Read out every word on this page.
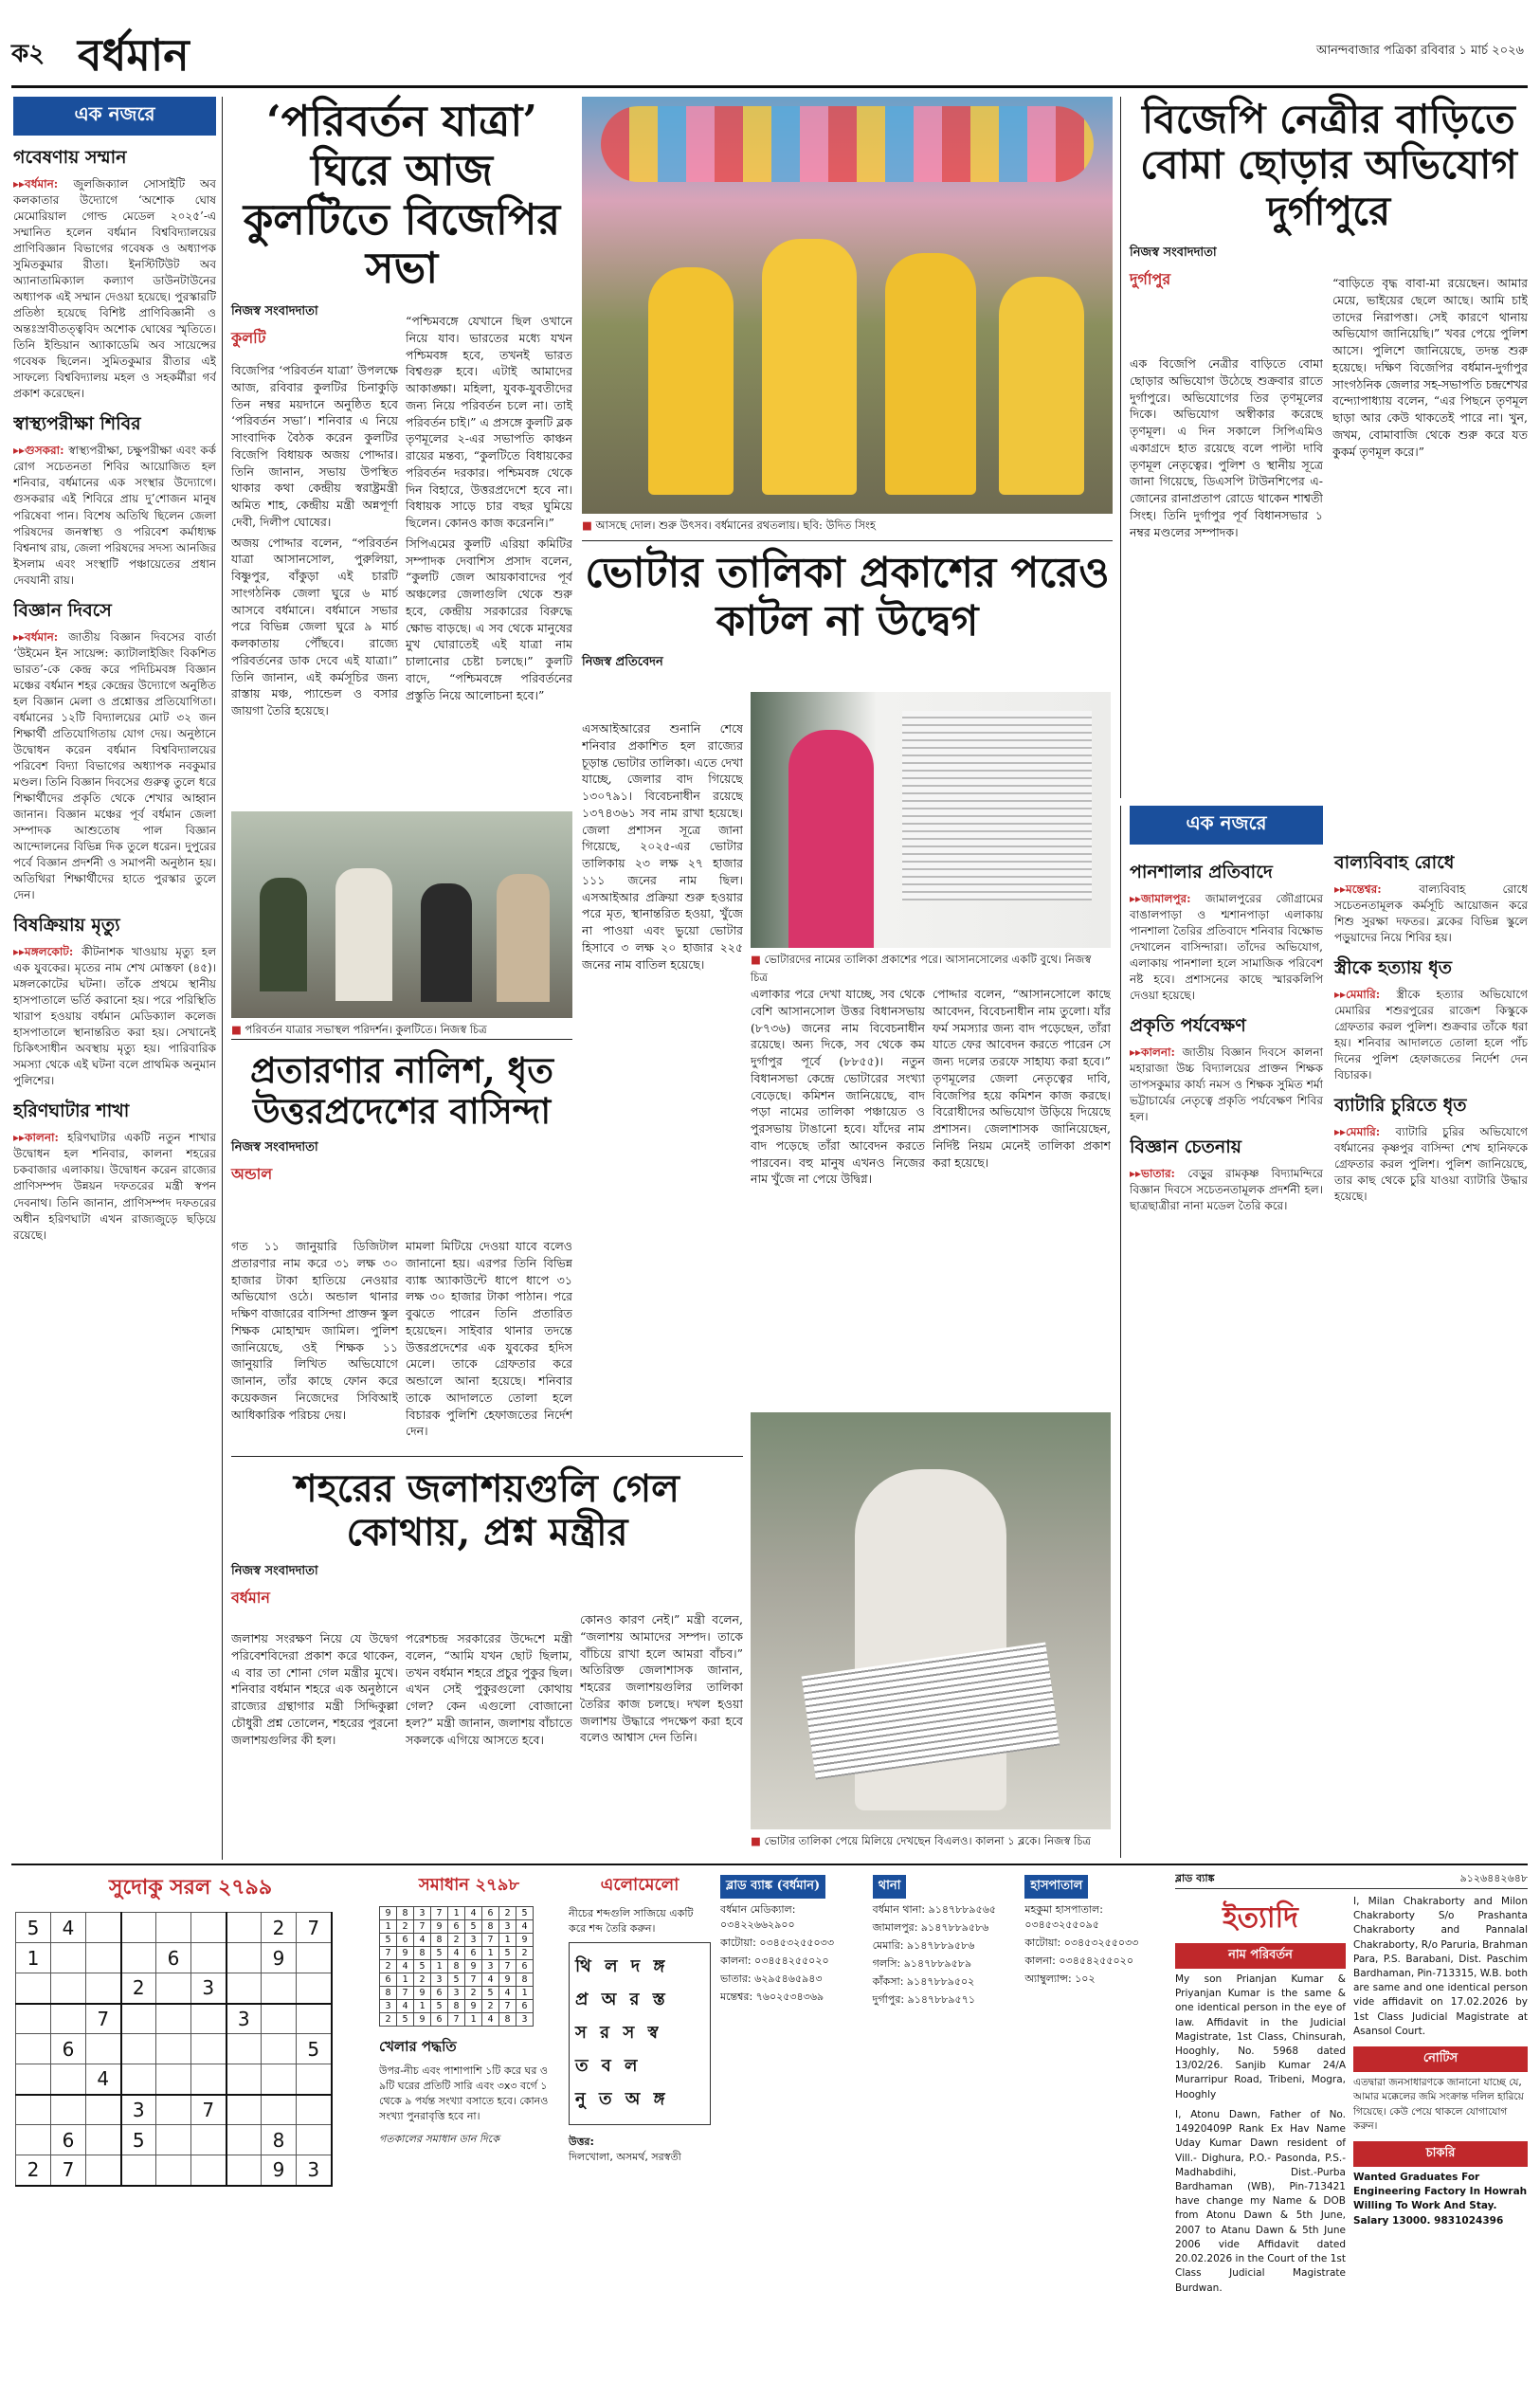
ক২ বর্ধমান	আনন্দবাজার পত্রিকা রবিবার ১ মার্চ ২০২৬
এক নজরে
গবেষণায় সম্মান

▸▸বর্ধমান: জুলজিক্যাল সোসাইটি অব কলকাতার উদ্যোগে ‘অশোক ঘোষ মেমোরিয়াল গোল্ড মেডেল ২০২৫’-এ সম্মানিত হলেন বর্ধমান বিশ্ববিদ্যালয়ের প্রাণিবিজ্ঞান বিভাগের গবেষক ও অধ্যাপক সুমিতকুমার রীতা। ইনস্টিটিউট অব অ্যানাতামিক্যাল কল্যাণ ডাউনটাউনের অধ্যাপক এই সম্মান দেওয়া হয়েছে। পুরস্কারটি প্রতিষ্ঠা হয়েছে বিশিষ্ট প্রাণিবিজ্ঞানী ও অন্তঃস্রাবীতত্ত্ববিদ অশোক ঘোষের স্মৃতিতে। তিনি ইন্ডিয়ান অ্যাকাডেমি অব সায়েন্সের গবেষক ছিলেন। সুমিতকুমার রীতার এই সাফল্যে বিশ্ববিদ্যালয় মহল ও সহকর্মীরা গর্ব প্রকাশ করেছেন।

স্বাস্থ্যপরীক্ষা শিবির

▸▸গুসকরা: স্বাস্থ্যপরীক্ষা, চক্ষুপরীক্ষা এবং কর্ক রোগ সচেতনতা শিবির আয়োজিত হল শনিবার, বর্ধমানের এক সংস্থার উদ্যোগে। গুসকরার এই শিবিরে প্রায় দু’শোজন মানুষ পরিষেবা পান। বিশেষ অতিথি ছিলেন জেলা পরিষদের জনস্বাস্থ্য ও পরিবেশ কর্মাধ্যক্ষ বিশ্বনাথ রায়, জেলা পরিষদের সদস্য আনজির ইসলাম এবং সংস্থাটি পঞ্চায়েতের প্রধান দেবযানী রায়।

বিজ্ঞান দিবসে

▸▸বর্ধমান: জাতীয় বিজ্ঞান দিবসের বার্তা ‘উইমেন ইন সায়েন্স: ক্যাটালাইজিং বিকশিত ভারত’-কে কেন্দ্র করে পদিচিমবঙ্গ বিজ্ঞান মঞ্চের বর্ধমান শহর কেন্দ্রের উদ্যোগে অনুষ্ঠিত হল বিজ্ঞান মেলা ও প্রশ্নোত্তর প্রতিযোগিতা। বর্ধমানের ১২টি বিদ্যালয়ের মোট ৩২ জন শিক্ষার্থী প্রতিযোগিতায় যোগ দেয়। অনুষ্ঠানে উদ্বোধন করেন বর্ধমান বিশ্ববিদ্যালয়ের পরিবেশ বিদ্যা বিভাগের অধ্যাপক নবকুমার মণ্ডল। তিনি বিজ্ঞান দিবসের গুরুত্ব তুলে ধরে শিক্ষার্থীদের প্রকৃতি থেকে শেখার আহ্বান জানান। বিজ্ঞান মঞ্চের পূর্ব বর্ধমান জেলা সম্পাদক আশুতোষ পাল বিজ্ঞান আন্দোলনের বিভিন্ন দিক তুলে ধরেন। দুপুরের পর্বে বিজ্ঞান প্রদর্শনী ও সমাপনী অনুষ্ঠান হয়। অতিথিরা শিক্ষার্থীদের হাতে পুরস্কার তুলে দেন।

বিষক্রিয়ায় মৃত্যু

▸▸মঙ্গলকোট: কীটনাশক খাওয়ায় মৃত্যু হল এক যুবকের। মৃতের নাম শেখ মোস্তফা (৪৫)। মঙ্গলকোটের ঘটনা। তাঁকে প্রথমে স্থানীয় হাসপাতালে ভর্তি করানো হয়। পরে পরিস্থিতি খারাপ হওয়ায় বর্ধমান মেডিক্যাল কলেজ হাসপাতালে স্থানান্তরিত করা হয়। সেখানেই চিকিৎসাধীন অবস্থায় মৃত্যু হয়। পারিবারিক সমস্যা থেকে এই ঘটনা বলে প্রাথমিক অনুমান পুলিশের।

হরিণঘাটার শাখা

▸▸কালনা: হরিণঘাটার একটি নতুন শাখার উদ্বোধন হল শনিবার, কালনা শহরের চকবাজার এলাকায়। উদ্বোধন করেন রাজ্যের প্রাণিসম্পদ উন্নয়ন দফতরের মন্ত্রী স্বপন দেবনাথ। তিনি জানান, প্রাণিসম্পদ দফতরের অধীন হরিণঘাটা এখন রাজ্যজুড়ে ছড়িয়ে রয়েছে।

‘পরিবর্তন যাত্রা’ ঘিরে আজ কুলটিতে বিজেপির সভা
নিজস্ব সংবাদদাতা
কুলটি

বিজেপির ‘পরিবর্তন যাত্রা’ উপলক্ষে আজ, রবিবার কুলটির চিনাকুড়ি তিন নম্বর ময়দানে অনুষ্ঠিত হবে ‘পরিবর্তন সভা’। শনিবার এ নিয়ে সাংবাদিক বৈঠক করেন কুলটির বিজেপি বিধায়ক অজয় পোদ্দার। তিনি জানান, সভায় উপস্থিত থাকার কথা কেন্দ্রীয় স্বরাষ্ট্রমন্ত্রী অমিত শাহ, কেন্দ্রীয় মন্ত্রী অন্নপূর্ণা দেবী, দিলীপ ঘোষের।

অজয় পোদ্দার বলেন, “পরিবর্তন যাত্রা আসানসোল, পুরুলিয়া, বিষ্ণুপুর, বাঁকুড়া এই চারটি সাংগঠনিক জেলা ঘুরে ৬ মার্চ আসবে বর্ধমানে। বর্ধমানে সভার পরে বিভিন্ন জেলা ঘুরে ৯ মার্চ কলকাতায় পৌঁছবে। রাজ্যে পরিবর্তনের ডাক দেবে এই যাত্রা।” তিনি জানান, এই কর্মসূচির জন্য রাস্তায় মঞ্চ, প্যান্ডেল ও বসার জায়গা তৈরি হয়েছে।

“পশ্চিমবঙ্গে যেখানে ছিল ওখানে নিয়ে যাব। ভারতের মধ্যে যখন পশ্চিমবঙ্গ হবে, তখনই ভারত বিশ্বগুরু হবে। এটাই আমাদের আকাঙ্ক্ষা। মহিলা, যুবক-যুবতীদের জন্য নিয়ে পরিবর্তন চলে না। তাই পরিবর্তন চাই।” এ প্রসঙ্গে কুলটি ব্লক তৃণমূলের ২-এর সভাপতি কাঞ্চন রায়ের মন্তব্য, “কুলটিতে বিধায়কের পরিবর্তন দরকার। পশ্চিমবঙ্গ থেকে দিন বিহারে, উত্তরপ্রদেশে হবে না। বিধায়ক সাড়ে চার বছর ঘুমিয়ে ছিলেন। কোনও কাজ করেননি।”

সিপিএমের কুলটি এরিয়া কমিটির সম্পাদক দেবাশিস প্রসাদ বলেন, “কুলটি জেল আয়কাবাদের পূর্ব অঞ্চলের জেলাগুলি থেকে শুরু হবে, কেন্দ্রীয় সরকারের বিরুদ্ধে ক্ষোভ বাড়ছে। এ সব থেকে মানুষের মুখ ঘোরাতেই এই যাত্রা নাম চালানোর চেষ্টা চলছে।” কুলটি বাদে, “পশ্চিমবঙ্গে পরিবর্তনের প্রস্তুতি নিয়ে আলোচনা হবে।”

■ পরিবর্তন যাত্রার সভাস্থল পরিদর্শন। কুলটিতে। নিজস্ব চিত্র
■ আসছে দোল। শুরু উৎসব। বর্ধমানের রথতলায়। ছবি: উদিত সিংহ
বিজেপি নেত্রীর বাড়িতে বোমা ছোড়ার অভিযোগ দুর্গাপুরে
নিজস্ব সংবাদদাতা
দুর্গাপুর
এক বিজেপি নেত্রীর বাড়িতে বোমা ছোড়ার অভিযোগ উঠেছে শুক্রবার রাতে দুর্গাপুরে। অভিযোগের তির তৃণমূলের দিকে। অভিযোগ অস্বীকার করেছে তৃণমূল। এ দিন সকালে সিপিএমিও একাগ্রদে হাত রয়েছে বলে পাল্টা দাবি তৃণমূল নেতৃত্বের। পুলিশ ও স্থানীয় সূত্রে জানা গিয়েছে, ডিএসপি টাউনশিপের এ-জোনের রানাপ্রতাপ রোডে থাকেন শাশ্বতী সিংহ। তিনি দুর্গাপুর পূর্ব বিধানসভার ১ নম্বর মণ্ডলের সম্পাদক।
“বাড়িতে বৃদ্ধ বাবা-মা রয়েছেন। আমার মেয়ে, ভাইয়ের ছেলে আছে। আমি চাই তাদের নিরাপত্তা। সেই কারণে থানায় অভিযোগ জানিয়েছি।” খবর পেয়ে পুলিশ আসে। পুলিশে জানিয়েছে, তদন্ত শুরু হয়েছে। দক্ষিণ বিজেপির বর্ধমান-দুর্গাপুর সাংগঠনিক জেলার সহ-সভাপতি চন্দ্রশেখর বন্দ্যোপাধ্যায় বলেন, “এর পিছনে তৃণমূল ছাড়া আর কেউ থাকতেই পারে না। খুন, জখম, বোমাবাজি থেকে শুরু করে যত কুকর্ম তৃণমূল করে।”
ভোটার তালিকা প্রকাশের পরেও কাটল না উদ্বেগ
নিজস্ব প্রতিবেদন
এসআইআরের শুনানি শেষে শনিবার প্রকাশিত হল রাজ্যের চূড়ান্ত ভোটার তালিকা। এতে দেখা যাচ্ছে, জেলার বাদ গিয়েছে ১৩০৭৯১। বিবেচনাধীন রয়েছে ১৩৭৪৩৬১ সব নাম রাখা হয়েছে। জেলা প্রশাসন সূত্রে জানা গিয়েছে, ২০২৫-এর ভোটার তালিকায় ২৩ লক্ষ ২৭ হাজার ১১১ জনের নাম ছিল। এসআইআর প্রক্রিয়া শুরু হওয়ার পরে মৃত, স্থানান্তরিত হওয়া, খুঁজে না পাওয়া এবং ভুয়ো ভোটার হিসাবে ৩ লক্ষ ২০ হাজার ২২৫ জনের নাম বাতিল হয়েছে।	■ ভোটারদের নামের তালিকা প্রকাশের পরে। আসানসোলের একটি বুথে। নিজস্ব চিত্র
এলাকার পরে দেখা যাচ্ছে, সব থেকে বেশি আসানসোল উত্তর বিধানসভায় (৮৭৩৬) জনের নাম বিবেচনাধীন রয়েছে। অন্য দিকে, সব থেকে কম দুর্গাপুর পূর্বে (৮৮৫৫)। নতুন বিধানসভা কেন্দ্রে ভোটারের সংখ্যা বেড়েছে। কমিশন জানিয়েছে, বাদ পড়া নামের তালিকা পঞ্চায়েত ও পুরসভায় টাঙানো হবে। যাঁদের নাম বাদ পড়েছে তাঁরা আবেদন করতে পারবেন। বহু মানুষ এখনও নিজের নাম খুঁজে না পেয়ে উদ্বিগ্ন।
পোদ্দার বলেন, “আসানসোলে কাছে আবেদন, বিবেচনাধীন নাম তুলো। যাঁর ফর্ম সমস্যার জন্য বাদ পড়েছেন, তাঁরা যাতে ফের আবেদন করতে পারেন সে জন্য দলের তরফে সাহায্য করা হবে।” তৃণমূলের জেলা নেতৃত্বের দাবি, বিজেপির হয়ে কমিশন কাজ করছে। বিরোধীদের অভিযোগ উড়িয়ে দিয়েছে প্রশাসন। জেলাশাসক জানিয়েছেন, নির্দিষ্ট নিয়ম মেনেই তালিকা প্রকাশ করা হয়েছে।
প্রতারণার নালিশ, ধৃত উত্তরপ্রদেশের বাসিন্দা
নিজস্ব সংবাদদাতা
অন্ডাল
গত ১১ জানুয়ারি ডিজিটাল প্রতারণার নাম করে ৩১ লক্ষ ৩০ হাজার টাকা হাতিয়ে নেওয়ার অভিযোগ ওঠে। অন্ডাল থানার দক্ষিণ বাজারের বাসিন্দা প্রাক্তন স্কুল শিক্ষক মোহাম্মদ জামিল। পুলিশ জানিয়েছে, ওই শিক্ষক ১১ জানুয়ারি লিখিত অভিযোগে জানান, তাঁর কাছে ফোন করে কয়েকজন নিজেদের সিবিআই আধিকারিক পরিচয় দেয়।
মামলা মিটিয়ে দেওয়া যাবে বলেও জানানো হয়। এরপর তিনি বিভিন্ন ব্যাঙ্ক অ্যাকাউন্টে ধাপে ধাপে ৩১ লক্ষ ৩০ হাজার টাকা পাঠান। পরে বুঝতে পারেন তিনি প্রতারিত হয়েছেন। সাইবার থানার তদন্তে উত্তরপ্রদেশের এক যুবকের হদিস মেলে। তাকে গ্রেফতার করে অন্ডালে আনা হয়েছে। শনিবার তাকে আদালতে তোলা হলে বিচারক পুলিশি হেফাজতের নির্দেশ দেন।
শহরের জলাশয়গুলি গেল কোথায়, প্রশ্ন মন্ত্রীর
নিজস্ব সংবাদদাতা
বর্ধমান
জলাশয় সংরক্ষণ নিয়ে যে উদ্বেগ পরিবেশবিদেরা প্রকাশ করে থাকেন, এ বার তা শোনা গেল মন্ত্রীর মুখে। শনিবার বর্ধমান শহরে এক অনুষ্ঠানে রাজ্যের গ্রন্থাগার মন্ত্রী সিদ্দিকুল্লা চৌধুরী প্রশ্ন তোলেন, শহরের পুরনো জলাশয়গুলির কী হল।
পরেশচন্দ্র সরকারের উদ্দেশে মন্ত্রী বলেন, “আমি যখন ছোট ছিলাম, তখন বর্ধমান শহরে প্রচুর পুকুর ছিল। এখন সেই পুকুরগুলো কোথায় গেল? কেন এগুলো বোজানো হল?” মন্ত্রী জানান, জলাশয় বাঁচাতে সকলকে এগিয়ে আসতে হবে।
কোনও কারণ নেই।” মন্ত্রী বলেন, “জলাশয় আমাদের সম্পদ। তাকে বাঁচিয়ে রাখা হলে আমরা বাঁচব।” অতিরিক্ত জেলাশাসক জানান, শহরের জলাশয়গুলির তালিকা তৈরির কাজ চলছে। দখল হওয়া জলাশয় উদ্ধারে পদক্ষেপ করা হবে বলেও আশ্বাস দেন তিনি।
■ ভোটার তালিকা পেয়ে মিলিয়ে দেখছেন বিএলও। কালনা ১ ব্লকে। নিজস্ব চিত্র
এক নজরে
পানশালার প্রতিবাদে

▸▸জামালপুর: জামালপুরের জৌগ্রামের বাঙালপাড়া ও শ্মশানপাড়া এলাকায় পানশালা তৈরির প্রতিবাদে শনিবার বিক্ষোভ দেখালেন বাসিন্দারা। তাঁদের অভিযোগ, এলাকায় পানশালা হলে সামাজিক পরিবেশ নষ্ট হবে। প্রশাসনের কাছে স্মারকলিপি দেওয়া হয়েছে।

প্রকৃতি পর্যবেক্ষণ

▸▸কালনা: জাতীয় বিজ্ঞান দিবসে কালনা মহারাজা উচ্চ বিদ্যালয়ের প্রাক্তন শিক্ষক তাপসকুমার কার্য্য নমস ও শিক্ষক সুমিত শর্মা ভট্টাচার্যের নেতৃত্বে প্রকৃতি পর্যবেক্ষণ শিবির হল।

বিজ্ঞান চেতনায়

▸▸ভাতার: বেড়ুর রামকৃষ্ণ বিদ্যামন্দিরে বিজ্ঞান দিবসে সচেতনতামূলক প্রদর্শনী হল। ছাত্রছাত্রীরা নানা মডেল তৈরি করে।

বাল্যবিবাহ রোধে

▸▸মন্তেশ্বর: বাল্যবিবাহ রোধে সচেতনতামূলক কর্মসূচি আয়োজন করে শিশু সুরক্ষা দফতর। ব্লকের বিভিন্ন স্কুলে পড়ুয়াদের নিয়ে শিবির হয়।

স্ত্রীকে হত্যায় ধৃত

▸▸মেমারি: স্ত্রীকে হত্যার অভিযোগে মেমারির শশুরপুরের রাজেশ কিস্কুকে গ্রেফতার করল পুলিশ। শুক্রবার তাঁকে ধরা হয়। শনিবার আদালতে তোলা হলে পাঁচ দিনের পুলিশ হেফাজতের নির্দেশ দেন বিচারক।

ব্যাটারি চুরিতে ধৃত

▸▸মেমারি: ব্যাটারি চুরির অভিযোগে বর্ধমানের কৃষ্ণপুর বাসিন্দা শেখ হানিফকে গ্রেফতার করল পুলিশ। পুলিশ জানিয়েছে, তার কাছ থেকে চুরি যাওয়া ব্যাটারি উদ্ধার হয়েছে।

সুদোকু সরল ২৭৯৯
5	4						2	7
1				6			9	
			2		3			
		7				3		
	6							5
		4						
			3		7			
	6		5				8	
2	7						9	3
সমাধান ২৭৯৮
9	8	3	7	1	4	6	2	5
1	2	7	9	6	5	8	3	4
5	6	4	8	2	3	7	1	9
7	9	8	5	4	6	1	5	2
2	4	5	1	8	9	3	7	6
6	1	2	3	5	7	4	9	8
8	7	9	6	3	2	5	4	1
3	4	1	5	8	9	2	7	6
2	5	9	6	7	1	4	8	3
খেলার পদ্ধতি
উপর-নীচ এবং পাশাপাশি ১টি করে ঘর ও ৯টি ঘরের প্রতিটি সারি এবং ৩x৩ বর্গে ১ থেকে ৯ পর্যন্ত সংখ্যা বসাতে হবে। কোনও সংখ্যা পুনরাবৃত্তি হবে না।
গতকালের সমাধান ডান দিকে
এলোমেলো
নীচের শব্দগুলি সাজিয়ে একটি করে শব্দ তৈরি করুন।
থি ল দ ঙ্গ
প্র অ র স্ত
স র স স্ব
ত ব ল
নু ত অ ঙ্গ
উত্তর:
দিলখোলা, অসমর্থ, সরস্বতী
ব্লাড ব্যাঙ্ক (বর্ধমান)
বর্ধমান মেডিক্যাল: ০৩৪২২৬৬২৯০০
কাটোয়া: ০৩৪৫৩২৫৫০৩৩
কালনা: ০৩৪৫৪২৫৫০২০
ভাতার: ৬২৯৫৪৬৫৯৪৩
মন্তেশ্বর: ৭৬০২৫৩৪৩৬৯
থানা
বর্ধমান থানা: ৯১৪৭৮৮৯৫৬৫
জামালপুর: ৯১৪৭৮৮৯৫৮৬
মেমারি: ৯১৪৭৮৮৯৫৮৬
গলসি: ৯১৪৭৮৮৯৫৮৯
কাঁকসা: ৯১৪৭৮৮৯৫০২
দুর্গাপুর: ৯১৪৭৮৮৯৫৭১
হাসপাতাল
মহকুমা হাসপাতাল: ০৩৪৫৩২৫৫০৯৫
কাটোয়া: ০৩৪৫৩২৫৫০৩৩
কালনা: ০৩৪৫৪২৫৫০২০
অ্যাম্বুল্যান্স: ১০২
ব্লাড ব্যাঙ্ক	৯১২৬৪৪২৬৪৮
ইত্যাদি
নাম পরিবর্তন
My son Prianjan Kumar & Priyanjan Kumar is the same & one identical person in the eye of law. Affidavit in the Judicial Magistrate, 1st Class, Chinsurah, Hooghly, No. 5968 dated 13/02/26. Sanjib Kumar 24/A Murarripur Road, Tribeni, Mogra, Hooghly
I, Atonu Dawn, Father of No. 14920409P Rank Ex Hav Name Uday Kumar Dawn resident of Vill.- Dighura, P.O.- Pasonda, P.S.- Madhabdihi, Dist.-Purba Bardhaman (WB), Pin-713421 have change my Name & DOB from Atonu Dawn & 5th June, 2007 to Atanu Dawn & 5th June 2006 vide Affidavit dated 20.02.2026 in the Court of the 1st Class Judicial Magistrate Burdwan.
I, Milan Chakraborty and Milon Chakraborty S/o Prashanta Chakraborty and Pannalal Chakraborty, R/o Paruria, Brahman Para, P.S. Barabani, Dist. Paschim Bardhaman, Pin-713315, W.B. both are same and one identical person vide affidavit on 17.02.2026 by 1st Class Judicial Magistrate at Asansol Court.
নোটিস
এতদ্বারা জনসাধারণকে জানানো যাচ্ছে যে, আমার মক্কেলের জমি সংক্রান্ত দলিল হারিয়ে গিয়েছে। কেউ পেয়ে থাকলে যোগাযোগ করুন।
চাকরি
Wanted Graduates For Engineering Factory In Howrah Willing To Work And Stay. Salary 13000. 9831024396
